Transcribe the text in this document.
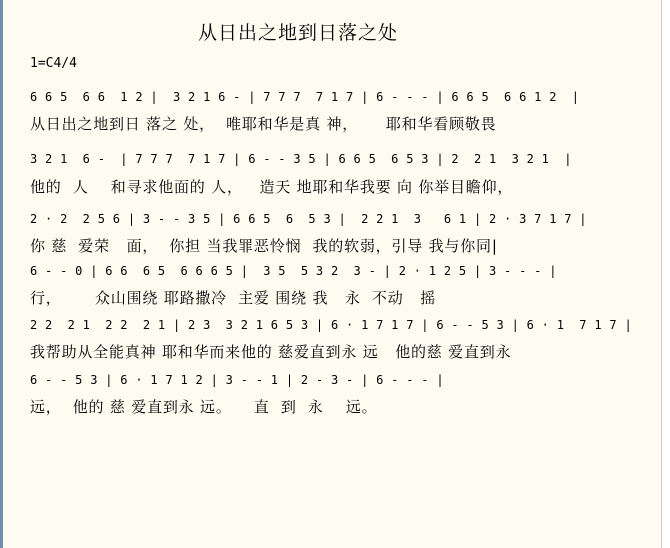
从日出之地到日落之处
1=C4/4
6 6 5  6 6  1 2 |  3 2 1 6 - | 7 7 7  7 1 7 | 6 - - - | 6 6 5  6 6 1 2  |
从日出之地到日 落之 处，  唯耶和华是真 神，     耶和华看顾敬畏
3 2 1  6 -  | 7 7 7  7 1 7 | 6 - - 3 5 | 6 6 5  6 5 3 | 2  2 1  3 2 1  |
他的  人    和寻求他面的 人，   造天 地耶和华我要 向 你举目瞻仰，
2 · 2  2 5 6 | 3 - - 3 5 | 6 6 5  6  5 3 |  2 2 1  3   6 1 | 2 · 3 7 1 7 |
你 慈  爱荣   面，  你担 当我罪恶怜悯  我的软弱，引导 我与你同|
6 - - 0 | 6 6  6 5  6 6 6 5 |  3 5  5 3 2  3 - | 2 · 1 2 5 | 3 - - - |
行，      众山围绕 耶路撒冷  主爱 围绕 我   永  不动   摇
2 2  2 1  2 2  2 1 | 2 3  3 2 1 6 5 3 | 6 · 1 7 1 7 | 6 - - 5 3 | 6 · 1  7 1 7 |
我帮助从全能真神 耶和华而来他的 慈爱直到永 远   他的慈 爱直到永
6 - - 5 3 | 6 · 1 7 1 2 | 3 - - 1 | 2 - 3 - | 6 - - - |
远，  他的 慈 爱直到永 远。    直  到  永    远。
